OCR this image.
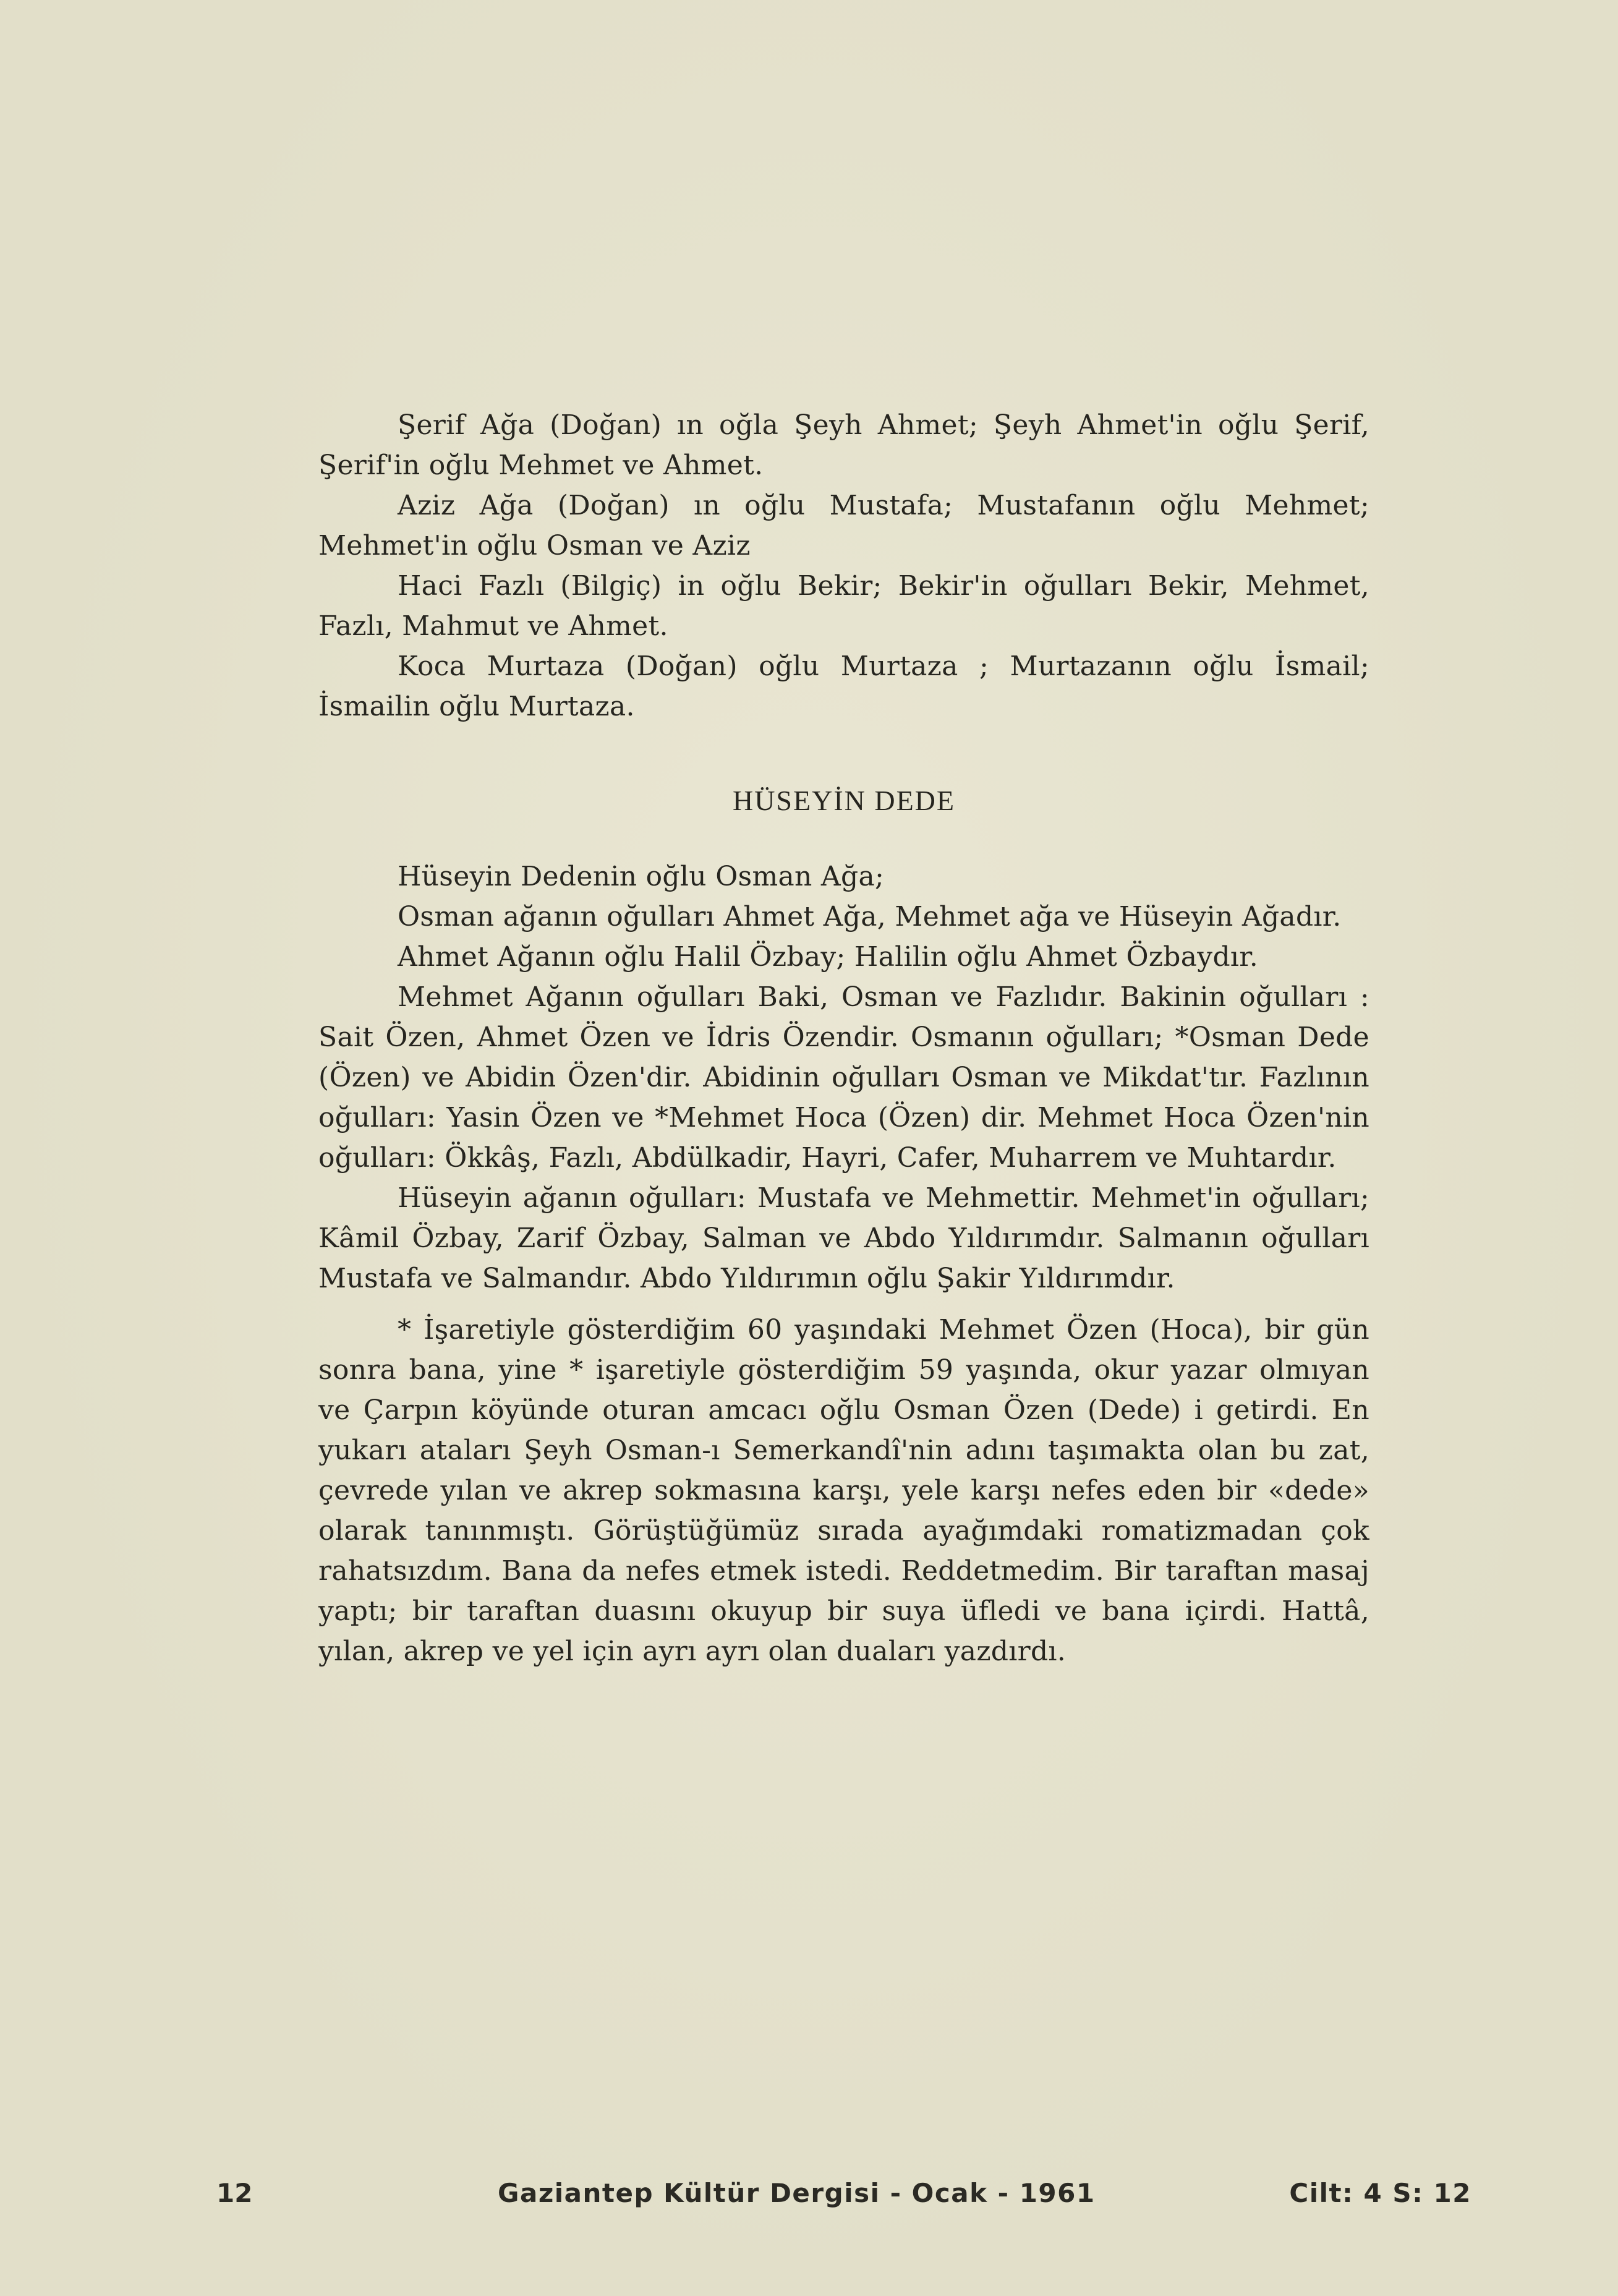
Şerif Ağa (Doğan) ın oğla Şeyh Ahmet; Şeyh Ahmet'in oğlu Şerif, Şerif'in oğlu Mehmet ve Ahmet.

Aziz Ağa (Doğan) ın oğlu Mustafa; Mustafanın oğlu Mehmet; Mehmet'in oğlu Osman ve Aziz

Haci Fazlı (Bilgiç) in oğlu Bekir; Bekir'in oğulları Bekir, Mehmet, Fazlı, Mahmut ve Ahmet.

Koca Murtaza (Doğan) oğlu Murtaza ; Murtazanın oğlu İsmail; İsmailin oğlu Murtaza.

HÜSEYİN DEDE

Hüseyin Dedenin oğlu Osman Ağa;

Osman ağanın oğulları Ahmet Ağa, Mehmet ağa ve Hüseyin Ağadır.

Ahmet Ağanın oğlu Halil Özbay; Halilin oğlu Ahmet Özbaydır.

Mehmet Ağanın oğulları Baki, Osman ve Fazlıdır. Bakinin oğulları : Sait Özen, Ahmet Özen ve İdris Özendir. Osmanın oğulları; *Osman Dede (Özen) ve Abidin Özen'dir. Abidinin oğulları Osman ve Mikdat'tır. Fazlının oğulları: Yasin Özen ve *Mehmet Hoca (Özen) dir. Mehmet Hoca Özen'nin oğulları: Ökkâş, Fazlı, Abdülkadir, Hayri, Cafer, Muharrem ve Muhtardır.

Hüseyin ağanın oğulları: Mustafa ve Mehmettir. Mehmet'in oğulları; Kâmil Özbay, Zarif Özbay, Salman ve Abdo Yıldırımdır. Salmanın oğulları Mustafa ve Salmandır. Abdo Yıldırımın oğlu Şakir Yıldırımdır.

* İşaretiyle gösterdiğim 60 yaşındaki Mehmet Özen (Hoca), bir gün sonra bana, yine * işaretiyle gösterdiğim 59 yaşında, okur yazar olmıyan ve Çarpın köyünde oturan amcacı oğlu Osman Özen (Dede) i getirdi. En yukarı ataları Şeyh Osman-ı Semerkandî'nin adını taşımakta olan bu zat, çevrede yılan ve akrep sokmasına karşı, yele karşı nefes eden bir «dede» olarak tanınmıştı. Görüştüğümüz sırada ayağımdaki romatizmadan çok rahatsızdım. Bana da nefes etmek istedi. Reddetmedim. Bir taraftan masaj yaptı; bir taraftan duasını okuyup bir suya üfledi ve bana içirdi. Hattâ, yılan, akrep ve yel için ayrı ayrı olan duaları yazdırdı.

12	Gaziantep Kültür Dergisi - Ocak - 1961	Cilt: 4 S: 12
